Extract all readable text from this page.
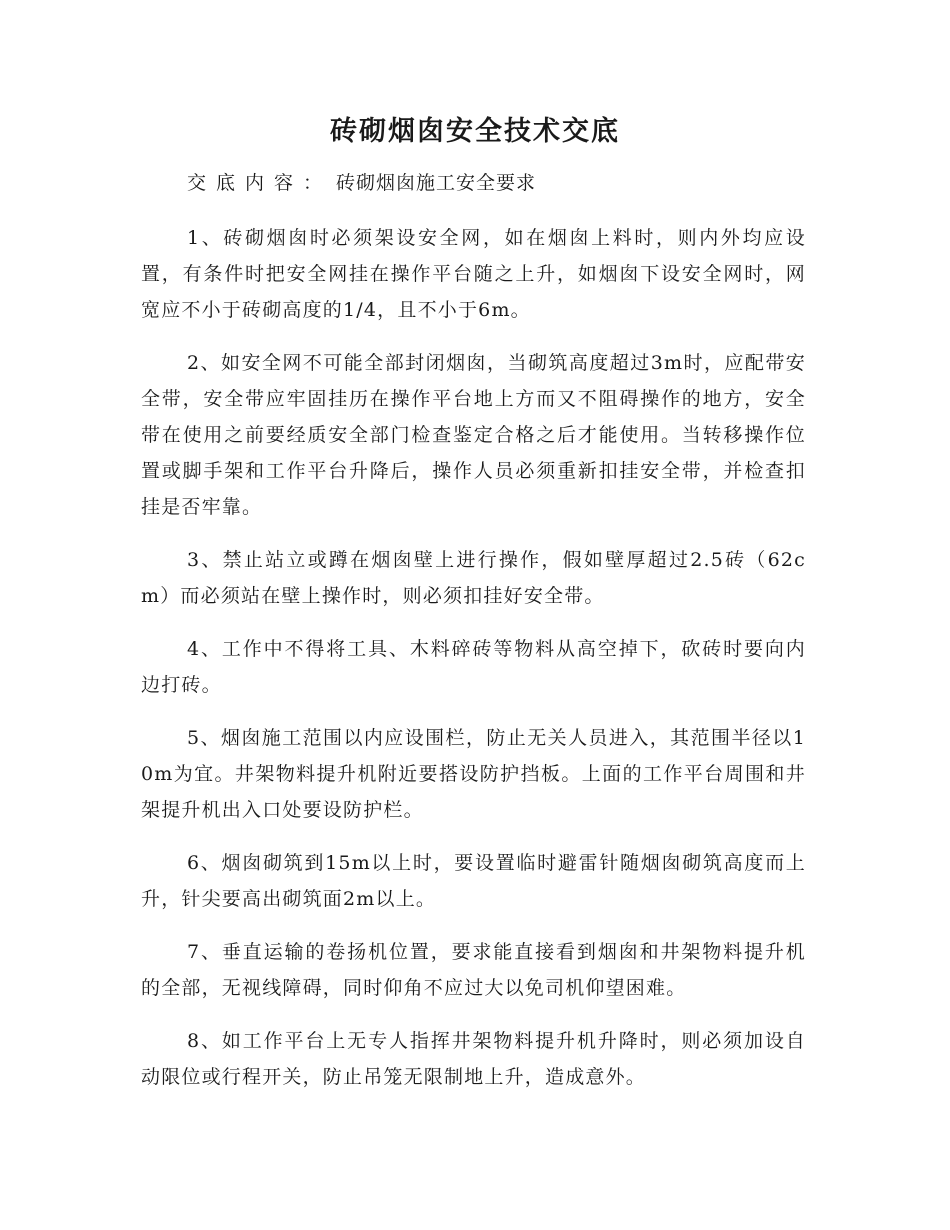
砖砌烟囱安全技术交底
交底内容： 砖砌烟囱施工安全要求

1、砖砌烟囱时必须架设安全网，如在烟囱上料时，则内外均应设置，有条件时把安全网挂在操作平台随之上升，如烟囱下设安全网时，网宽应不小于砖砌高度的1/4，且不小于6m。

2、如安全网不可能全部封闭烟囱，当砌筑高度超过3m时，应配带安全带，安全带应牢固挂历在操作平台地上方而又不阻碍操作的地方，安全带在使用之前要经质安全部门检查鉴定合格之后才能使用。当转移操作位置或脚手架和工作平台升降后，操作人员必须重新扣挂安全带，并检查扣挂是否牢靠。

3、禁止站立或蹲在烟囱壁上进行操作，假如壁厚超过2.5砖（62cm）而必须站在壁上操作时，则必须扣挂好安全带。

4、工作中不得将工具、木料碎砖等物料从高空掉下，砍砖时要向内边打砖。

5、烟囱施工范围以内应设围栏，防止无关人员进入，其范围半径以10m为宜。井架物料提升机附近要搭设防护挡板。上面的工作平台周围和井架提升机出入口处要设防护栏。

6、烟囱砌筑到15m以上时，要设置临时避雷针随烟囱砌筑高度而上升，针尖要高出砌筑面2m以上。

7、垂直运输的卷扬机位置，要求能直接看到烟囱和井架物料提升机的全部，无视线障碍，同时仰角不应过大以免司机仰望困难。

8、如工作平台上无专人指挥井架物料提升机升降时，则必须加设自动限位或行程开关，防止吊笼无限制地上升，造成意外。
